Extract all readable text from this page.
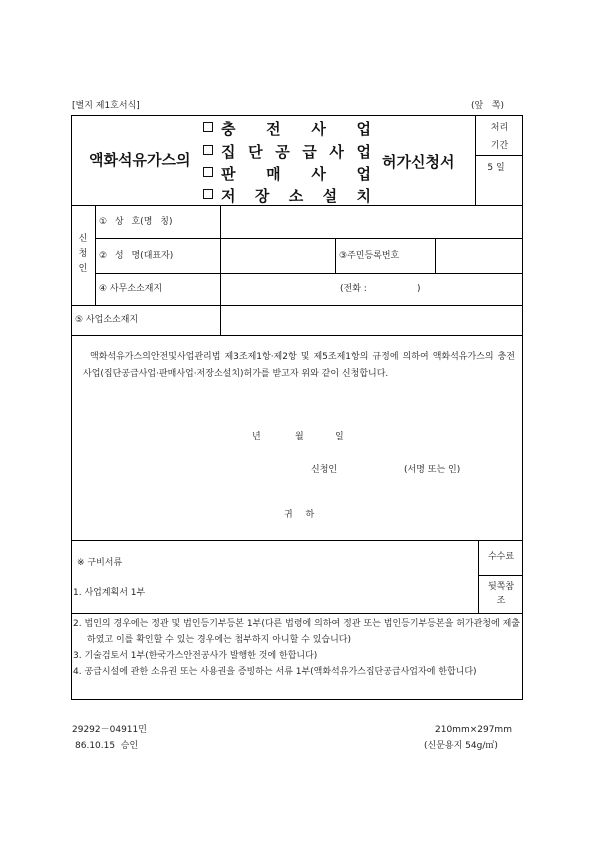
[별지 제1호서식]	(앞   쪽)
액화석유가스의
충 전 사 업
집 단 공 급 사 업
판 매 사 업
저 장 소 설 치
허가신청서
처리
기간
5 일
신청인
① 상 호(명 칭)
② 성 명(대표자)	③주민등록번호
④ 사무소소재지	(전화 :	)
⑤ 사업소소재지
액화석유가스의안전및사업관리법 제3조제1항·제2항 및 제5조제1항의 규정에 의하여 액화석유가스의 충전사업(집단공급사업·판매사업·저장소설치)허가를 받고자 위와 같이 신청합니다.
년	월	일
신청인	(서명 또는 인)
귀 하
※ 구비서류
수수료
뒷쪽참조
1. 사업계획서 1부
2. 법인의 경우에는 정관 및 법인등기부등본 1부(다른 법령에 의하여 정관 또는 법인등기부등본을 허가관청에 제출 하였고 이를 확인할 수 있는 경우에는 첨부하지 아니할 수 있습니다)
3. 기술검토서 1부(한국가스안전공사가 발행한 것에 한합니다)
4. 공급시설에 관한 소유권 또는 사용권을 증빙하는 서류 1부(액화석유가스집단공급사업자에 한합니다)
29292－04911민
86.10.15  승인
210mm×297mm
(신문용지 54g/㎡)
